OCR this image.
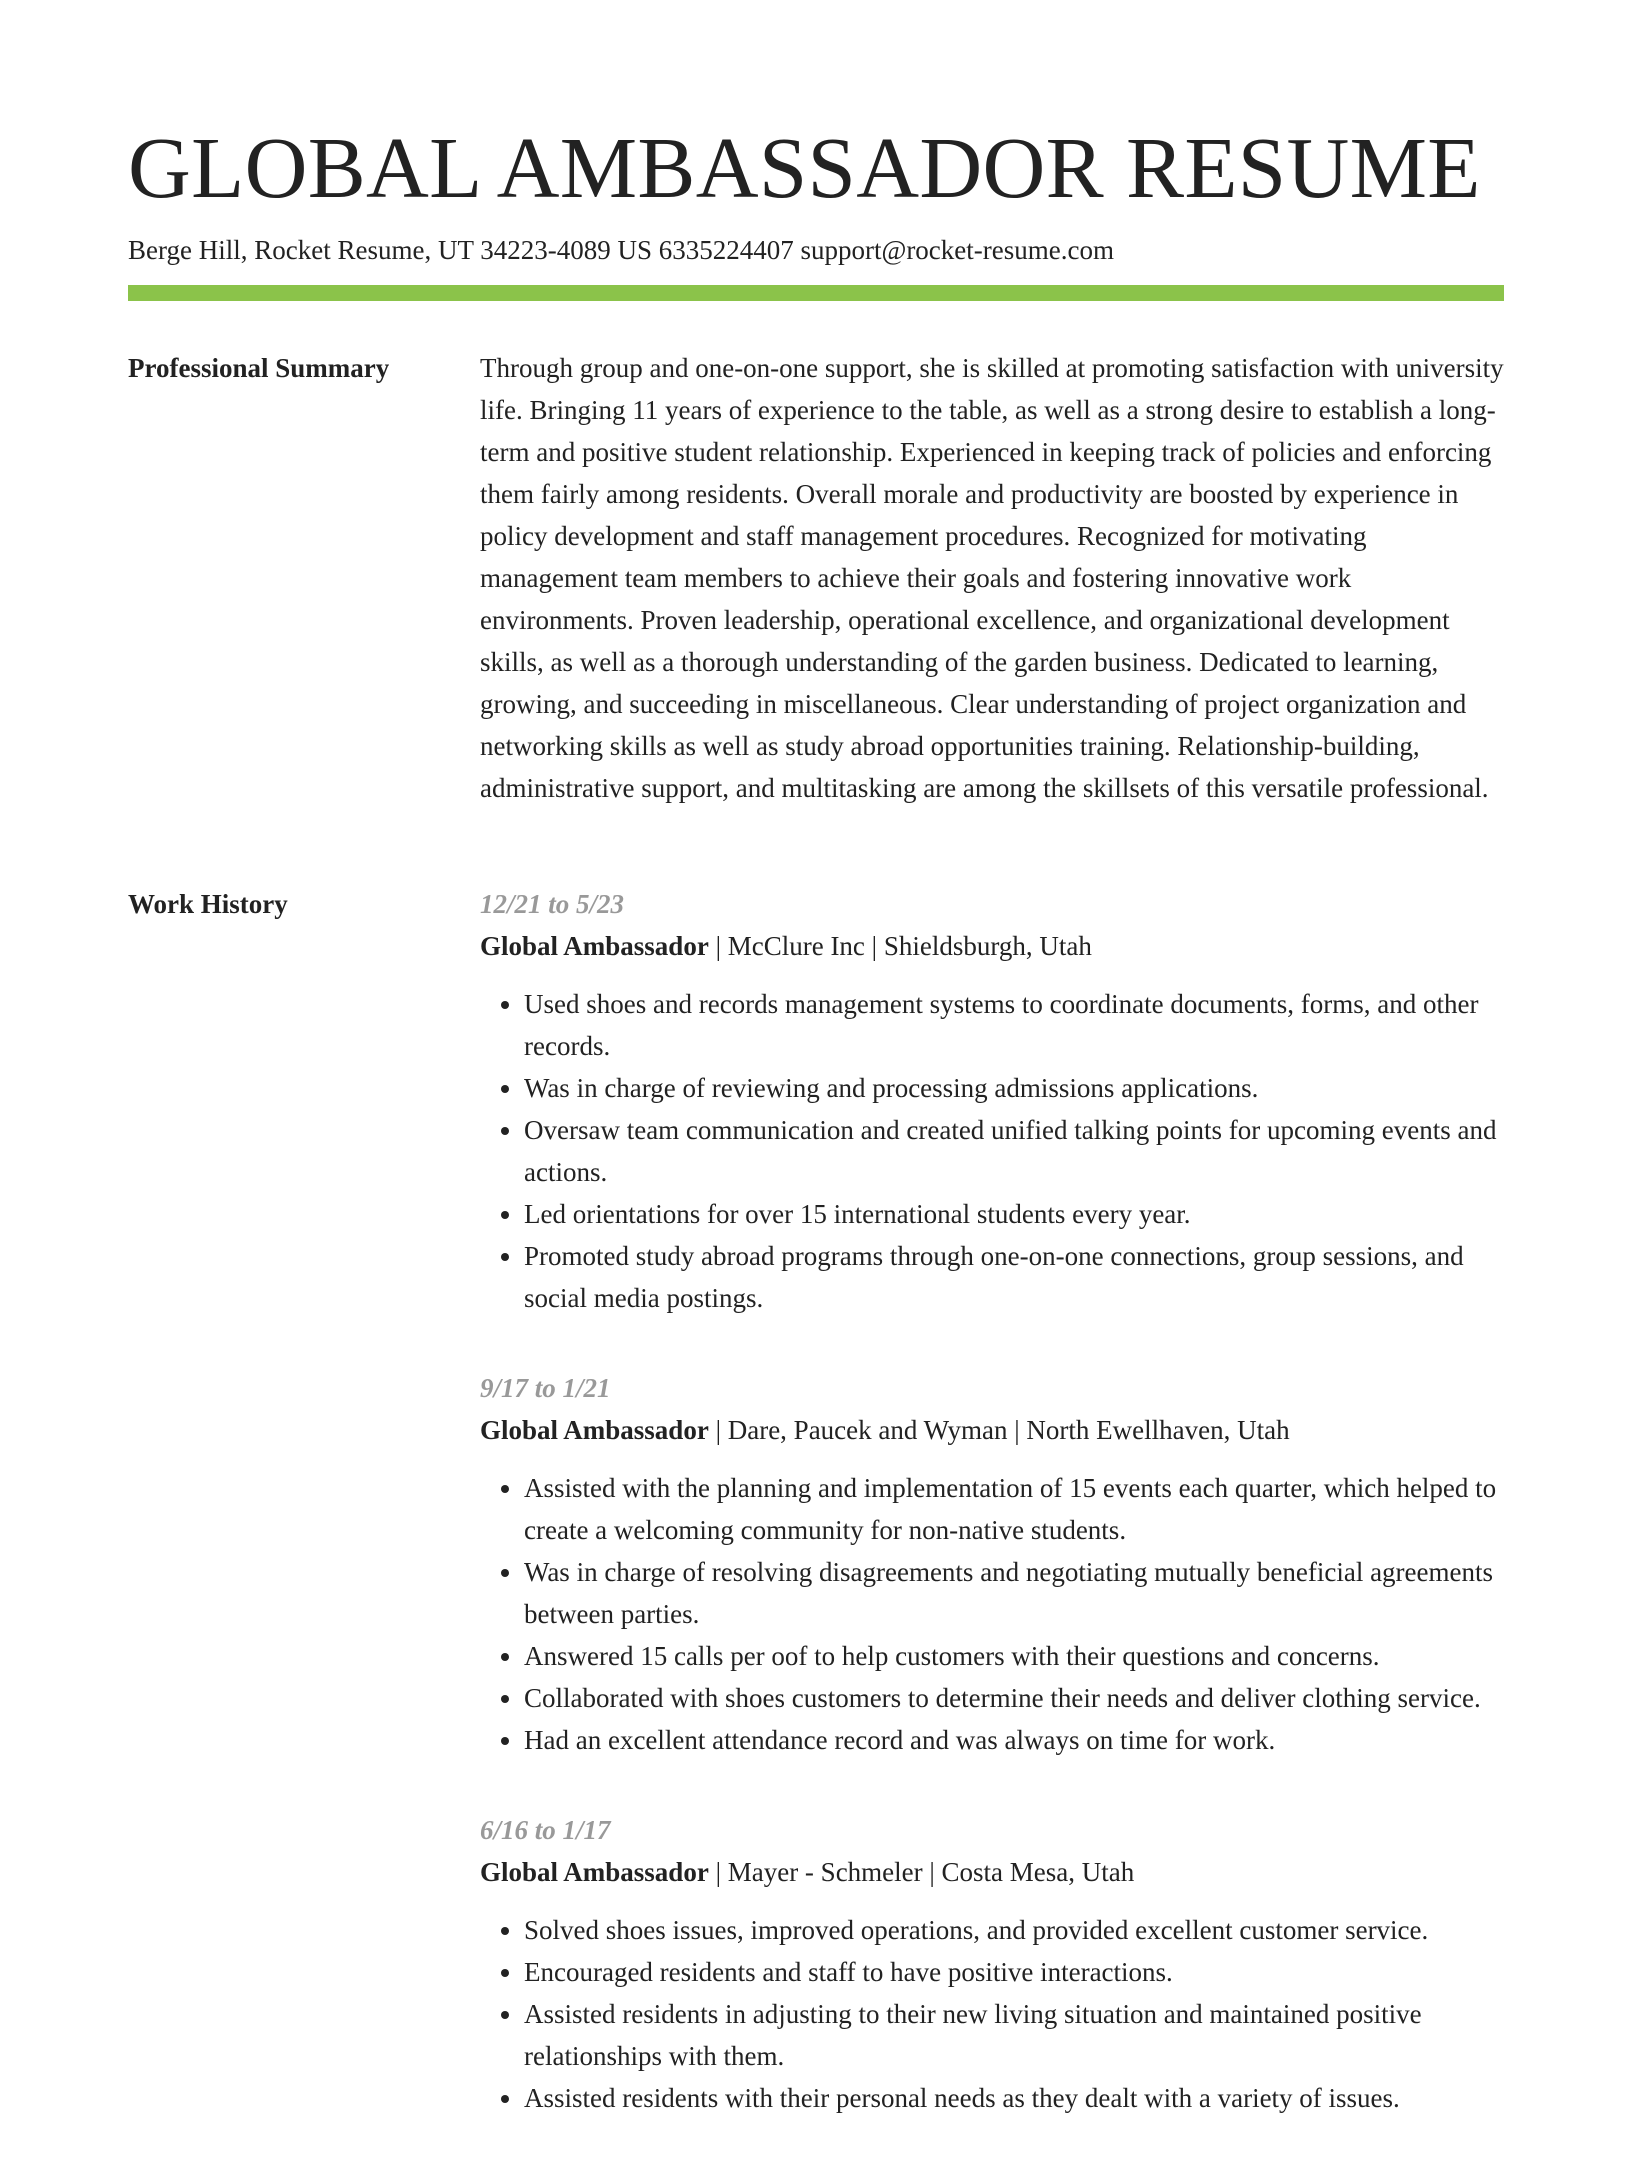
GLOBAL AMBASSADOR RESUME
Berge Hill, Rocket Resume, UT 34223-4089 US 6335224407 support@rocket-resume.com
Professional Summary	Through group and one-on-one support, she is skilled at promoting satisfaction with university life. Bringing 11 years of experience to the table, as well as a strong desire to establish a long-term and positive student relationship. Experienced in keeping track of policies and enforcing them fairly among residents. Overall morale and productivity are boosted by experience in policy development and staff management procedures. Recognized for motivating management team members to achieve their goals and fostering innovative work environments. Proven leadership, operational excellence, and organizational development skills, as well as a thorough understanding of the garden business. Dedicated to learning, growing, and succeeding in miscellaneous. Clear understanding of project organization and networking skills as well as study abroad opportunities training. Relationship-building, administrative support, and multitasking are among the skillsets of this versatile professional.

Work History	12/21 to 5/23
Global Ambassador | McClure Inc | Shieldsburgh, Utah
• Used shoes and records management systems to coordinate documents, forms, and other records.
• Was in charge of reviewing and processing admissions applications.
• Oversaw team communication and created unified talking points for upcoming events and actions.
• Led orientations for over 15 international students every year.
• Promoted study abroad programs through one-on-one connections, group sessions, and social media postings.
9/17 to 1/21
Global Ambassador | Dare, Paucek and Wyman | North Ewellhaven, Utah
• Assisted with the planning and implementation of 15 events each quarter, which helped to create a welcoming community for non-native students.
• Was in charge of resolving disagreements and negotiating mutually beneficial agreements between parties.
• Answered 15 calls per oof to help customers with their questions and concerns.
• Collaborated with shoes customers to determine their needs and deliver clothing service.
• Had an excellent attendance record and was always on time for work.
6/16 to 1/17
Global Ambassador | Mayer - Schmeler | Costa Mesa, Utah
• Solved shoes issues, improved operations, and provided excellent customer service.
• Encouraged residents and staff to have positive interactions.
• Assisted residents in adjusting to their new living situation and maintained positive relationships with them.
• Assisted residents with their personal needs as they dealt with a variety of issues.
